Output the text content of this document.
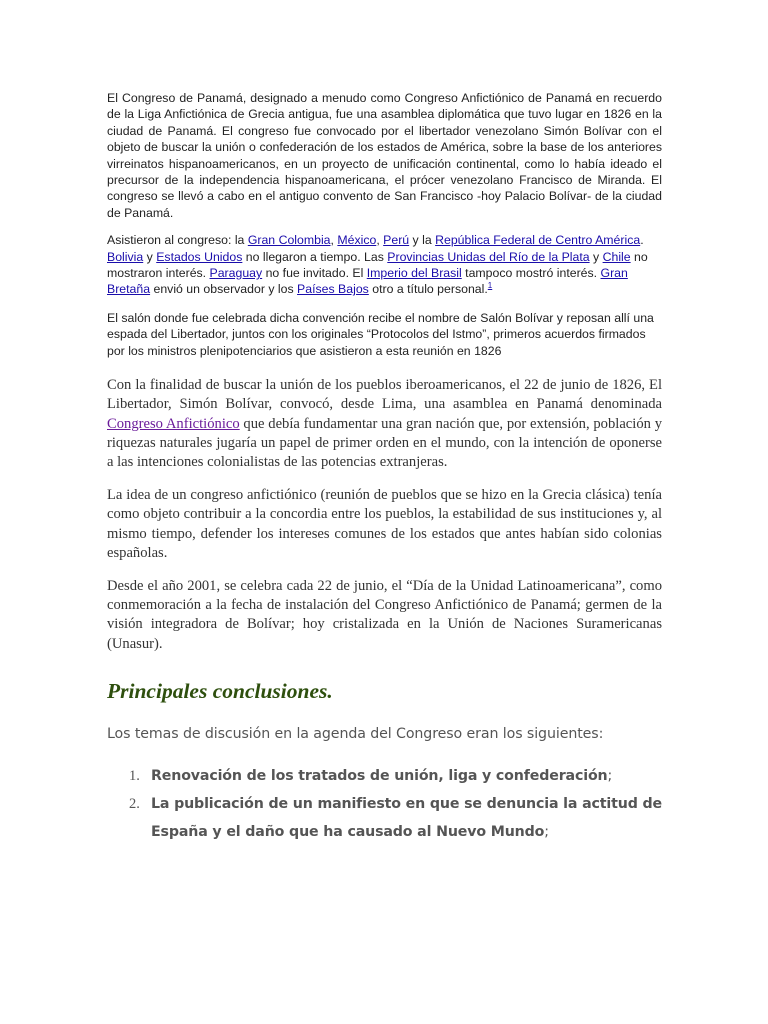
El Congreso de Panamá, designado a menudo como Congreso Anfictiónico de Panamá en recuerdo de la Liga Anfictiónica de Grecia antigua, fue una asamblea diplomática que tuvo lugar en 1826 en la ciudad de Panamá. El congreso fue convocado por el libertador venezolano Simón Bolívar con el objeto de buscar la unión o confederación de los estados de América, sobre la base de los anteriores virreinatos hispanoamericanos, en un proyecto de unificación continental, como lo había ideado el precursor de la independencia hispanoamericana, el prócer venezolano Francisco de Miranda. El congreso se llevó a cabo en el antiguo convento de San Francisco -hoy Palacio Bolívar- de la ciudad de Panamá.

Asistieron al congreso: la Gran Colombia, México, Perú y la República Federal de Centro América. Bolivia y Estados Unidos no llegaron a tiempo. Las Provincias Unidas del Río de la Plata y Chile no mostraron interés. Paraguay no fue invitado. El Imperio del Brasil tampoco mostró interés. Gran Bretaña envió un observador y los Países Bajos otro a título personal.$^1$

El salón donde fue celebrada dicha convención recibe el nombre de Salón Bolívar y reposan allí una espada del Libertador, juntos con los originales “Protocolos del Istmo”, primeros acuerdos firmados por los ministros plenipotenciarios que asistieron a esta reunión en 1826

Con la finalidad de buscar la unión de los pueblos iberoamericanos, el 22 de junio de 1826, El Libertador, Simón Bolívar, convocó, desde Lima, una asamblea en Panamá denominada Congreso Anfictiónico que debía fundamentar una gran nación que, por extensión, población y riquezas naturales jugaría un papel de primer orden en el mundo, con la intención de oponerse a las intenciones colonialistas de las potencias extranjeras.

La idea de un congreso anfictiónico (reunión de pueblos que se hizo en la Grecia clásica) tenía como objeto contribuir a la concordia entre los pueblos, la estabilidad de sus instituciones y, al mismo tiempo, defender los intereses comunes de los estados que antes habían sido colonias españolas.

Desde el año 2001, se celebra cada 22 de junio, el “Día de la Unidad Latinoamericana”, como conmemoración a la fecha de instalación del Congreso Anfictiónico de Panamá; germen de la visión integradora de Bolívar; hoy cristalizada en la Unión de Naciones Suramericanas (Unasur).

Principales conclusiones.

Los temas de discusión en la agenda del Congreso eran los siguientes:

1. Renovación de los tratados de unión, liga y confederación;
2. La publicación de un manifiesto en que se denuncia la actitud de España y el daño que ha causado al Nuevo Mundo;
